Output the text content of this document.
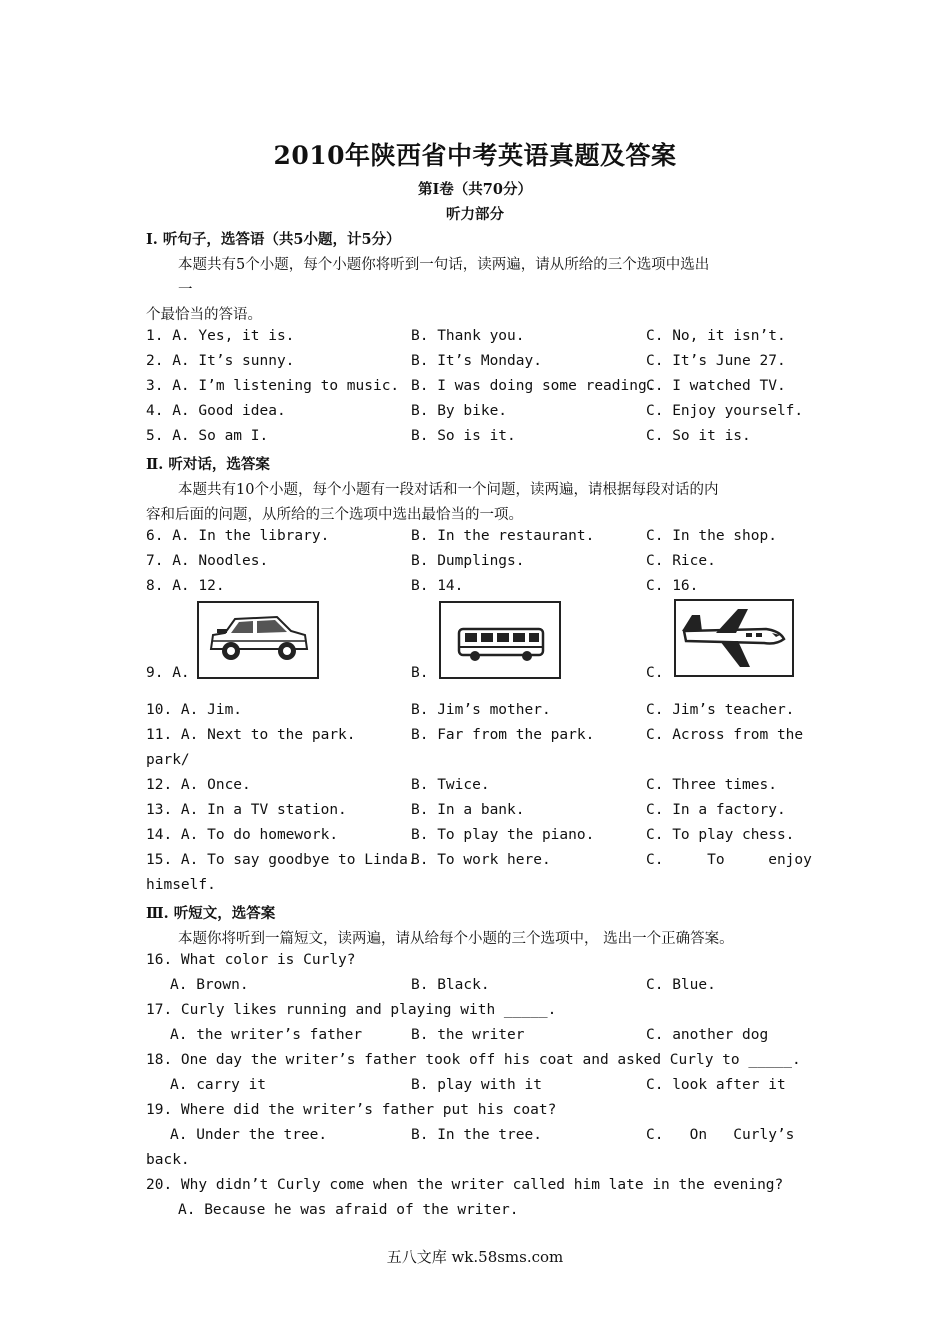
2010年陕西省中考英语真题及答案
第Ⅰ卷（共70分）
听力部分
Ⅰ. 听句子，选答语（共5小题，计5分）
本题共有5个小题，每个小题你将听到一句话，读两遍，请从所给的三个选项中选出
一
个最恰当的答语。
1. A. Yes, it is.	B. Thank you.	C. No, it isn’t.
2. A. It’s sunny.	B. It’s Monday.	C. It’s June 27.
3. A. I’m listening to music. B. I was doing some reading.
C. I watched TV.
4. A. Good idea.	B. By bike.	C. Enjoy yourself.
5. A. So am I.	B. So is it.	C. So it is.
Ⅱ. 听对话，选答案
本题共有10个小题，每个小题有一段对话和一个问题，读两遍，请根据每段对话的内
容和后面的问题，从所给的三个选项中选出最恰当的一项。
6. A. In the library.	B. In the restaurant.	C. In the shop.
7. A. Noodles.	B. Dumplings.	C. Rice.
8. A. 12.	B. 14.	C. 16.
9. A.	B.	C.
10. A. Jim.	B. Jim’s mother.	C. Jim’s teacher.
11. A. Next to the park.	B. Far from the park.	C. Across from the
park/
12. A. Once.	B. Twice.	C. Three times.
13. A. In a TV station.	B. In a bank.	C. In a factory.
14. A. To do homework.	B. To play the piano.	C. To play chess.
15. A. To say goodbye to Linda.
B. To work here.	C.     To     enjoy
himself.
Ⅲ. 听短文，选答案
本题你将听到一篇短文，读两遍，请从给每个小题的三个选项中， 选出一个正确答案。
16. What color is Curly?
A. Brown.	B. Black.	C. Blue.
17. Curly likes running and playing with _____.
A. the writer’s father	B. the writer	C. another dog
18. One day the writer’s father took off his coat and asked Curly to _____.
A. carry it	B. play with it	C. look after it
19. Where did the writer’s father put his coat?
A. Under the tree.	B. In the tree.	C.   On   Curly’s
back.
20. Why didn’t Curly come when the writer called him late in the evening?
A. Because he was afraid of the writer.
五八文库 wk.58sms.com
